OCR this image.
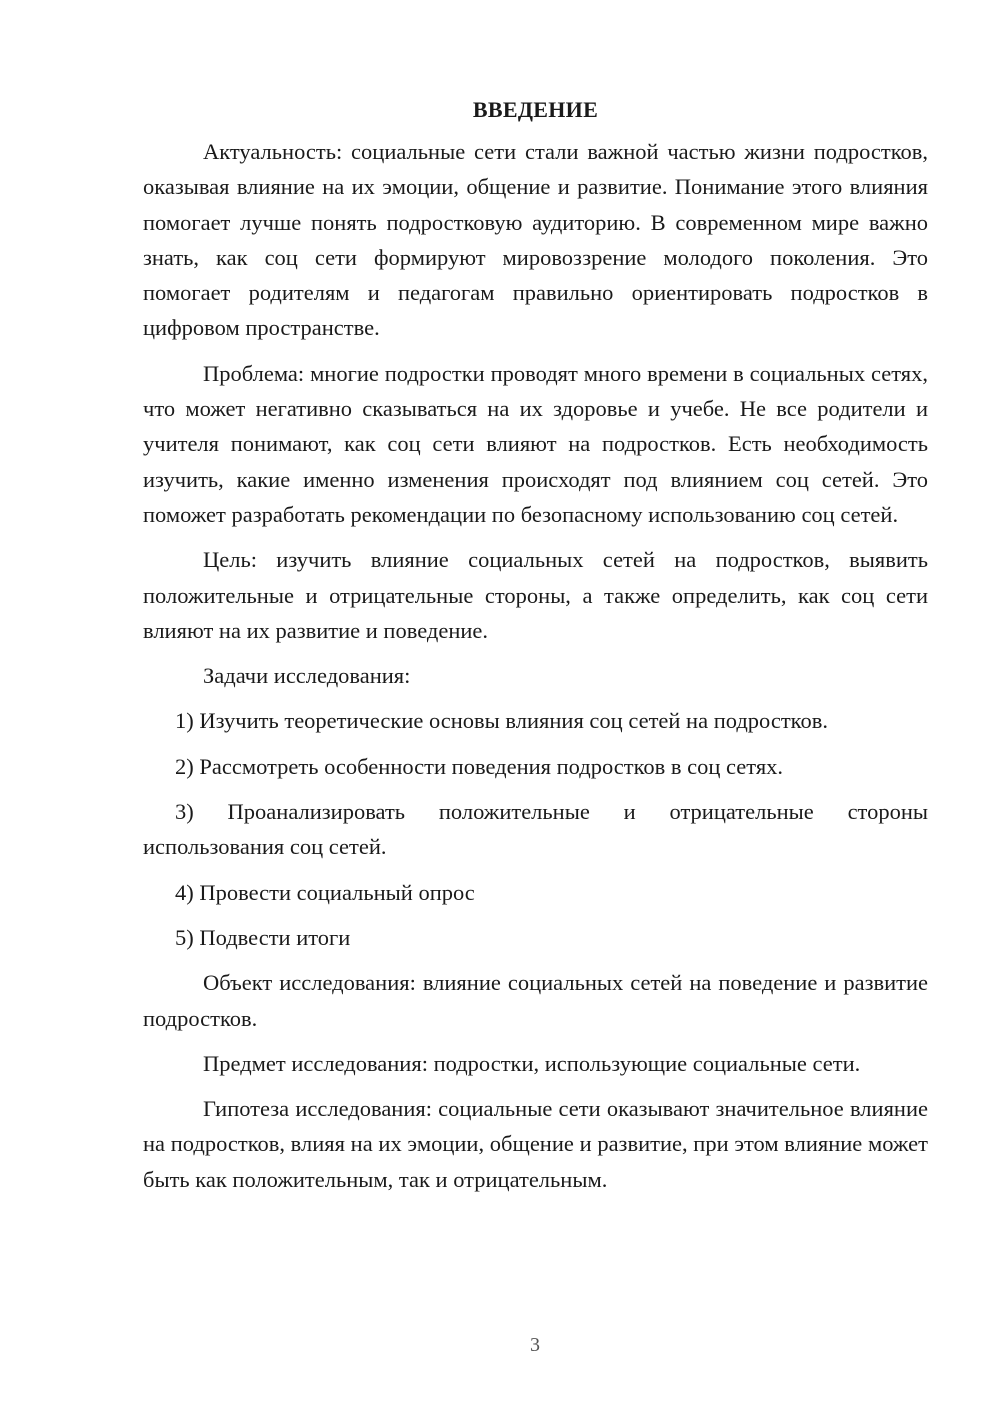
ВВЕДЕНИЕ

Актуальность: социальные сети стали важной частью жизни подростков, оказывая влияние на их эмоции, общение и развитие. Понимание этого влияния помогает лучше понять подростковую аудиторию. В современном мире важно знать, как соц сети формируют мировоззрение молодого поколения. Это помогает родителям и педагогам правильно ориентировать подростков в цифровом пространстве.

Проблема: многие подростки проводят много времени в социальных сетях, что может негативно сказываться на их здоровье и учебе. Не все родители и учителя понимают, как соц сети влияют на подростков. Есть необходимость изучить, какие именно изменения происходят под влиянием соц сетей. Это поможет разработать рекомендации по безопасному использованию соц сетей.

Цель: изучить влияние социальных сетей на подростков, выявить положительные и отрицательные стороны, а также определить, как соц сети влияют на их развитие и поведение.

Задачи исследования:

1) Изучить теоретические основы влияния соц сетей на подростков.

2) Рассмотреть особенности поведения подростков в соц сетях.

3) Проанализировать положительные и отрицательные стороны использования соц сетей.

4) Провести социальный опрос

5) Подвести итоги

Объект исследования: влияние социальных сетей на поведение и развитие подростков.

Предмет исследования: подростки, использующие социальные сети.

Гипотеза исследования: социальные сети оказывают значительное влияние на подростков, влияя на их эмоции, общение и развитие, при этом влияние может быть как положительным, так и отрицательным.

3
